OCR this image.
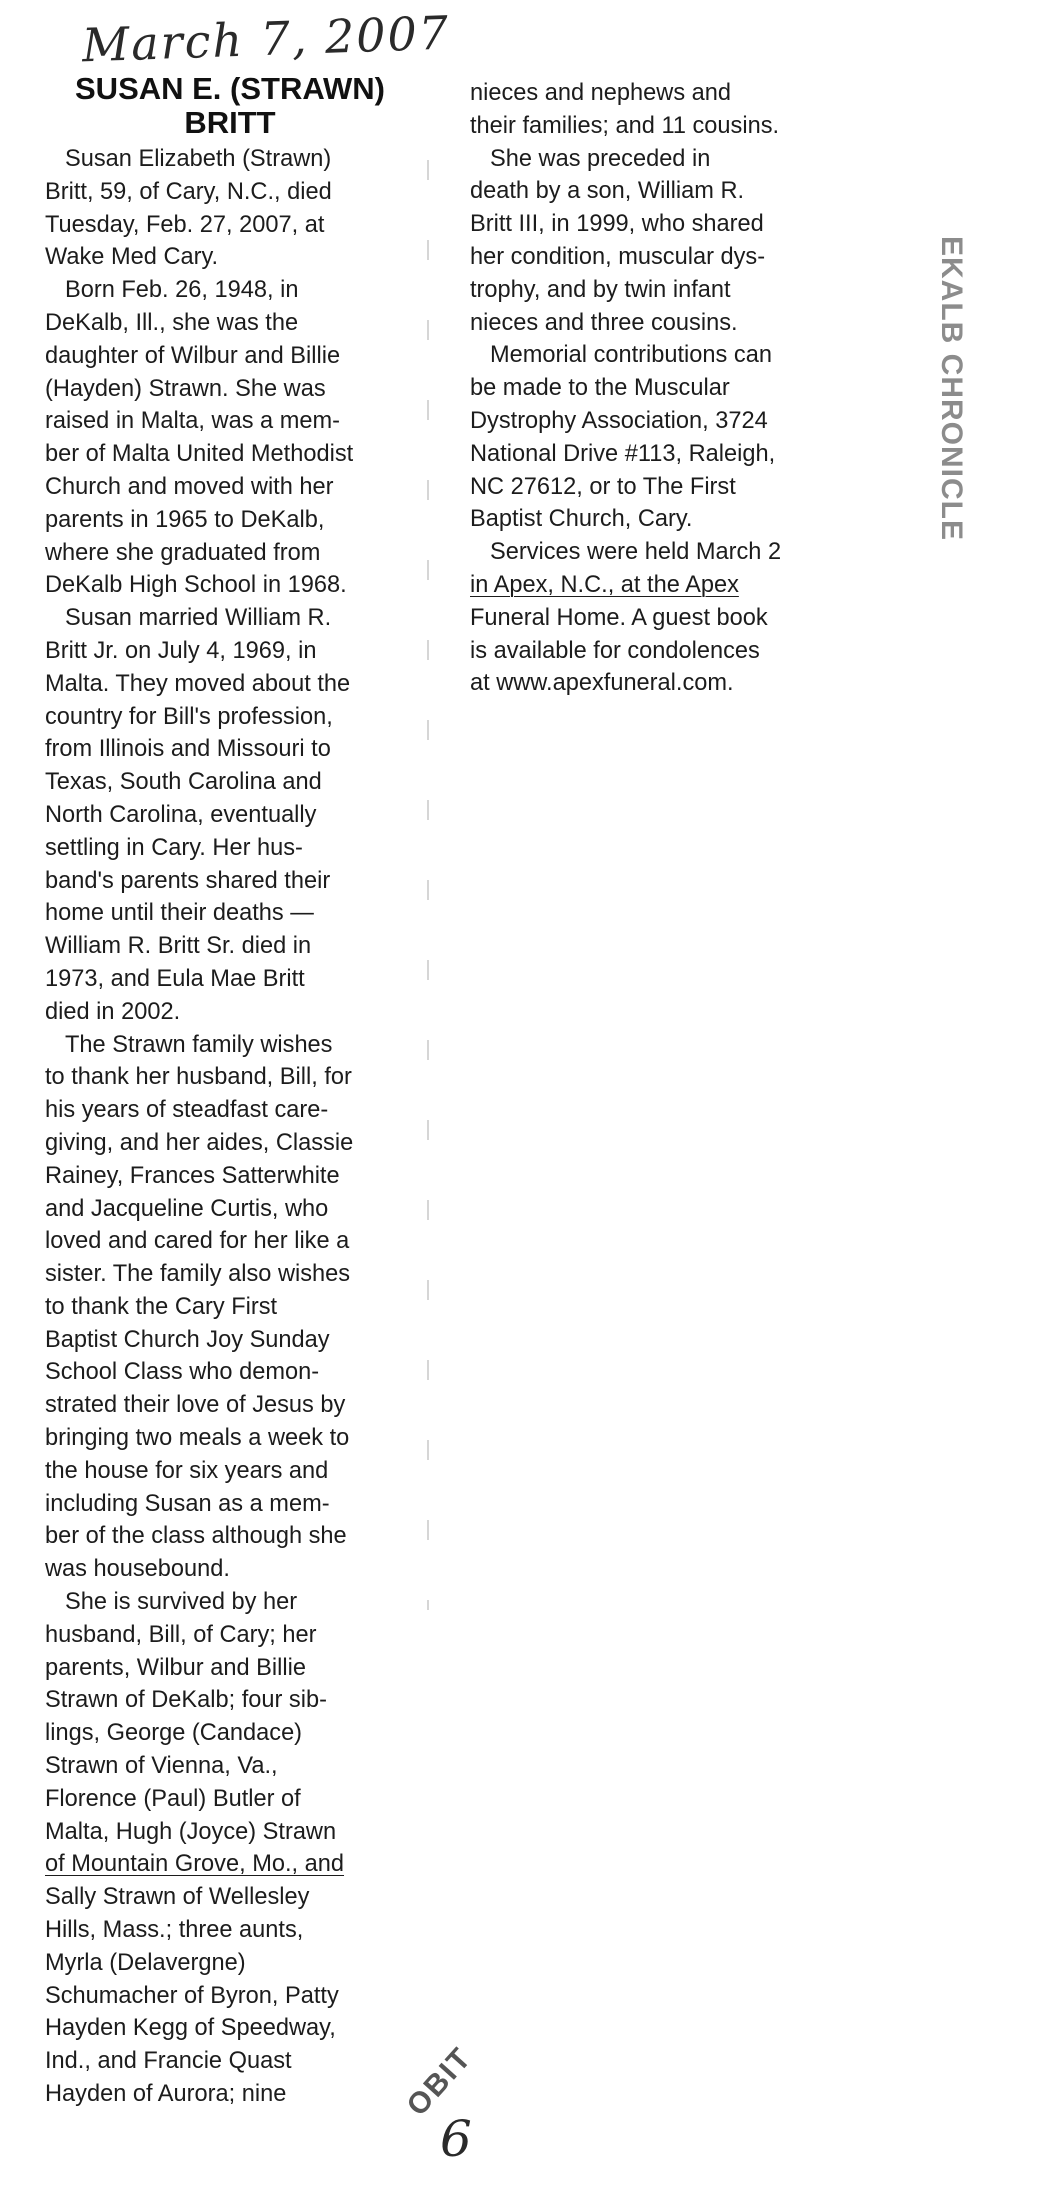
March 7, 2007
SUSAN E. (STRAWN)
BRITT
Susan Elizabeth (Strawn)
Britt, 59, of Cary, N.C., died
Tuesday, Feb. 27, 2007, at
Wake Med Cary.
Born Feb. 26, 1948, in
DeKalb, Ill., she was the
daughter of Wilbur and Billie
(Hayden) Strawn. She was
raised in Malta, was a mem-
ber of Malta United Methodist
Church and moved with her
parents in 1965 to DeKalb,
where she graduated from
DeKalb High School in 1968.
Susan married William R.
Britt Jr. on July 4, 1969, in
Malta. They moved about the
country for Bill's profession,
from Illinois and Missouri to
Texas, South Carolina and
North Carolina, eventually
settling in Cary. Her hus-
band's parents shared their
home until their deaths —
William R. Britt Sr. died in
1973, and Eula Mae Britt
died in 2002.
The Strawn family wishes
to thank her husband, Bill, for
his years of steadfast care-
giving, and her aides, Classie
Rainey, Frances Satterwhite
and Jacqueline Curtis, who
loved and cared for her like a
sister. The family also wishes
to thank the Cary First
Baptist Church Joy Sunday
School Class who demon-
strated their love of Jesus by
bringing two meals a week to
the house for six years and
including Susan as a mem-
ber of the class although she
was housebound.
She is survived by her
husband, Bill, of Cary; her
parents, Wilbur and Billie
Strawn of DeKalb; four sib-
lings, George (Candace)
Strawn of Vienna, Va.,
Florence (Paul) Butler of
Malta, Hugh (Joyce) Strawn
of Mountain Grove, Mo., and
Sally Strawn of Wellesley
Hills, Mass.; three aunts,
Myrla (Delavergne)
Schumacher of Byron, Patty
Hayden Kegg of Speedway,
Ind., and Francie Quast
Hayden of Aurora; nine
nieces and nephews and
their families; and 11 cousins.
She was preceded in
death by a son, William R.
Britt III, in 1999, who shared
her condition, muscular dys-
trophy, and by twin infant
nieces and three cousins.
Memorial contributions can
be made to the Muscular
Dystrophy Association, 3724
National Drive #113, Raleigh,
NC 27612, or to The First
Baptist Church, Cary.
Services were held March 2
in Apex, N.C., at the Apex
Funeral Home. A guest book
is available for condolences
at www.apexfuneral.com.
EKALB CHRONICLE
OBIT
6
